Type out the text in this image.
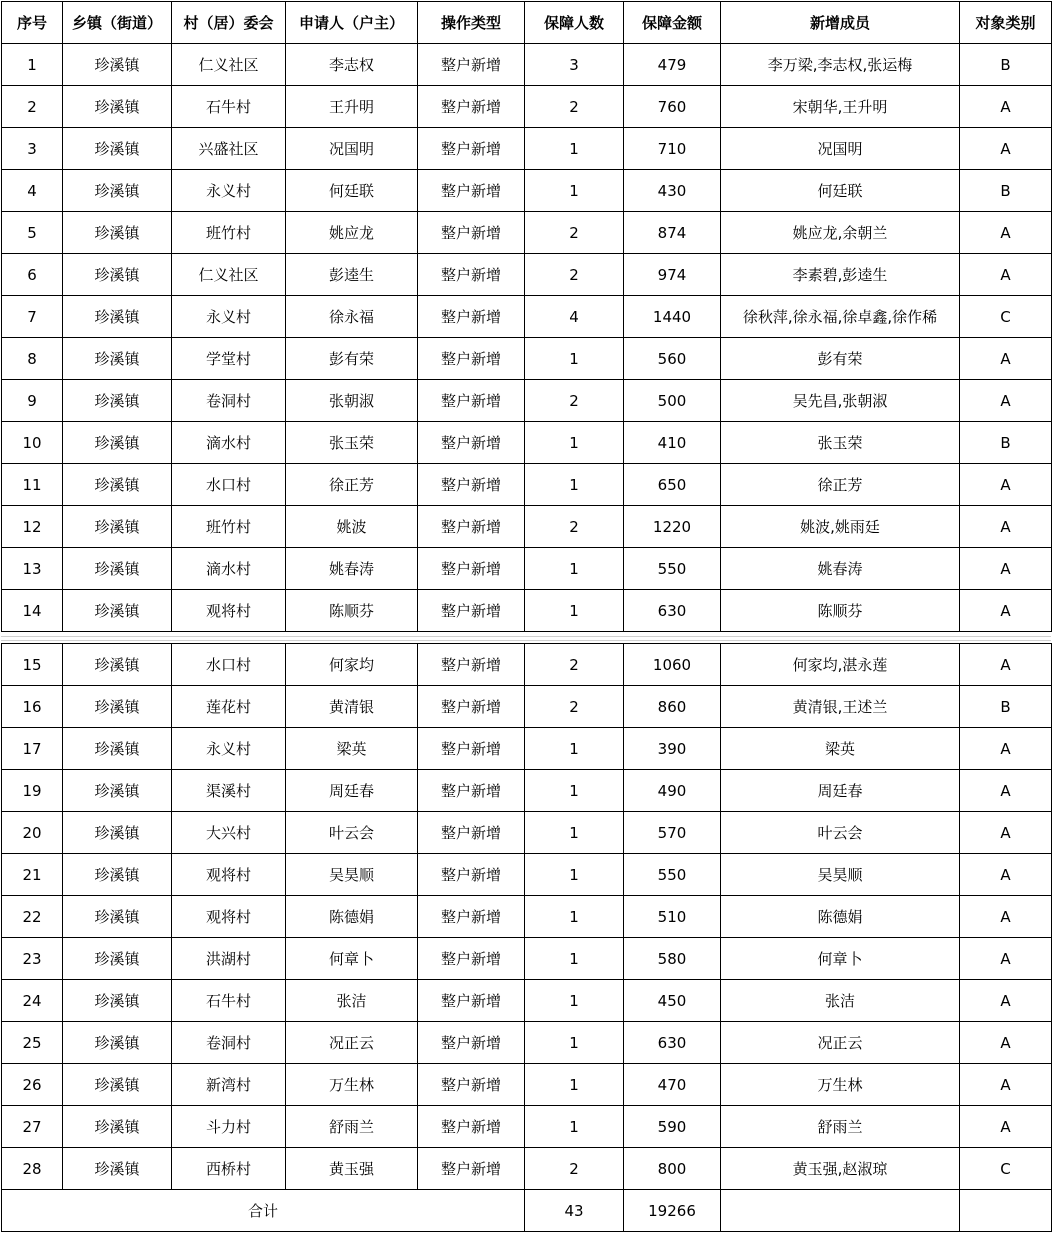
序号	乡镇（街道）	村（居）委会	申请人（户主）	操作类型	保障人数	保障金额	新增成员	对象类别
1	珍溪镇	仁义社区	李志权	整户新增	3	479	李万梁,李志权,张运梅	B
2	珍溪镇	石牛村	王升明	整户新增	2	760	宋朝华,王升明	A
3	珍溪镇	兴盛社区	况国明	整户新增	1	710	况国明	A
4	珍溪镇	永义村	何廷联	整户新增	1	430	何廷联	B
5	珍溪镇	班竹村	姚应龙	整户新增	2	874	姚应龙,余朝兰	A
6	珍溪镇	仁义社区	彭逵生	整户新增	2	974	李素碧,彭逵生	A
7	珍溪镇	永义村	徐永福	整户新增	4	1440	徐秋萍,徐永福,徐卓鑫,徐作稀	C
8	珍溪镇	学堂村	彭有荣	整户新增	1	560	彭有荣	A
9	珍溪镇	卷洞村	张朝淑	整户新增	2	500	吴先昌,张朝淑	A
10	珍溪镇	滴水村	张玉荣	整户新增	1	410	张玉荣	B
11	珍溪镇	水口村	徐正芳	整户新增	1	650	徐正芳	A
12	珍溪镇	班竹村	姚波	整户新增	2	1220	姚波,姚雨廷	A
13	珍溪镇	滴水村	姚春涛	整户新增	1	550	姚春涛	A
14	珍溪镇	观将村	陈顺芬	整户新增	1	630	陈顺芬	A
15	珍溪镇	水口村	何家均	整户新增	2	1060	何家均,湛永莲	A
16	珍溪镇	莲花村	黄清银	整户新增	2	860	黄清银,王述兰	B
17	珍溪镇	永义村	梁英	整户新增	1	390	梁英	A
19	珍溪镇	渠溪村	周廷春	整户新增	1	490	周廷春	A
20	珍溪镇	大兴村	叶云会	整户新增	1	570	叶云会	A
21	珍溪镇	观将村	吴昊顺	整户新增	1	550	吴昊顺	A
22	珍溪镇	观将村	陈德娟	整户新增	1	510	陈德娟	A
23	珍溪镇	洪湖村	何章卜	整户新增	1	580	何章卜	A
24	珍溪镇	石牛村	张洁	整户新增	1	450	张洁	A
25	珍溪镇	卷洞村	况正云	整户新增	1	630	况正云	A
26	珍溪镇	新湾村	万生林	整户新增	1	470	万生林	A
27	珍溪镇	斗力村	舒雨兰	整户新增	1	590	舒雨兰	A
28	珍溪镇	西桥村	黄玉强	整户新增	2	800	黄玉强,赵淑琼	C
合计					43	19266		
